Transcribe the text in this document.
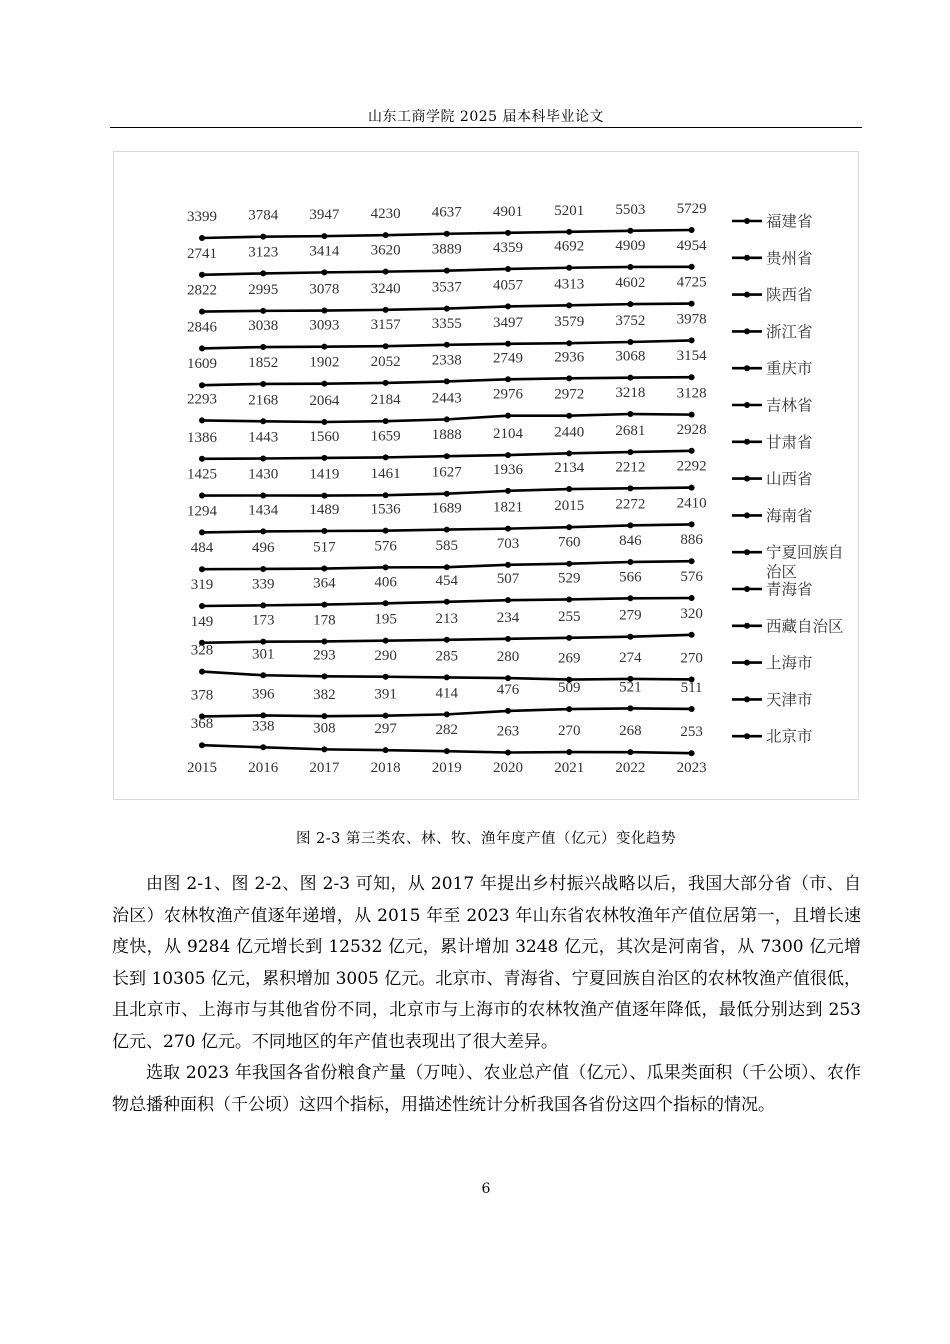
山东工商学院 2025 届本科毕业论文
3399 3784 3947 4230 4637 4901 5201 5503 5729
福建省
2741 3123 3414 3620 3889 4359 4692 4909 4954
贵州省
2822 2995 3078 3240 3537 4057 4313 4602 4725
陕西省
2846 3038 3093 3157 3355 3497 3579 3752 3978
浙江省
1609 1852 1902 2052 2338 2749 2936 3068 3154
重庆市
2293 2168 2064 2184 2443 2976 2972 3218 3128
吉林省
1386 1443 1560 1659 1888 2104 2440 2681 2928
甘肃省
1425 1430 1419 1461 1627 1936 2134 2212 2292
山西省
1294 1434 1489 1536 1689 1821 2015 2272 2410
海南省
484	496	517	576	585	703	760	846	886
宁夏回族自
治区
319	339	364	406	454	507	529	566	576
青海省
149	173	178	195	213	234	255	279	320
西藏自治区
328	301	293	290	285	280	269	274	270	上海市
378	396	382	391	414	476	509	521	511
天津市
368	338	308	297	282	263	270	268	253	北京市
2015 2016 2017 2018 2019 2020 2021 2022 2023
图 2-3 第三类农、林、牧、渔年度产值（亿元）变化趋势

由图 2-1、图 2-2、图 2-3 可知，从 2017 年提出乡村振兴战略以后，我国大部分省（市、自治区）农林牧渔产值逐年递增，从 2015 年至 2023 年山东省农林牧渔年产值位居第一，且增长速度快，从 9284 亿元增长到 12532 亿元，累计增加 3248 亿元，其次是河南省，从 7300 亿元增长到 10305 亿元，累积增加 3005 亿元。北京市、青海省、宁夏回族自治区的农林牧渔产值很低，且北京市、上海市与其他省份不同，北京市与上海市的农林牧渔产值逐年降低，最低分别达到 253 亿元、270 亿元。不同地区的年产值也表现出了很大差异。

选取 2023 年我国各省份粮食产量（万吨）、农业总产值（亿元）、瓜果类面积（千公顷）、农作物总播种面积（千公顷）这四个指标，用描述性统计分析我国各省份这四个指标的情况。

6
